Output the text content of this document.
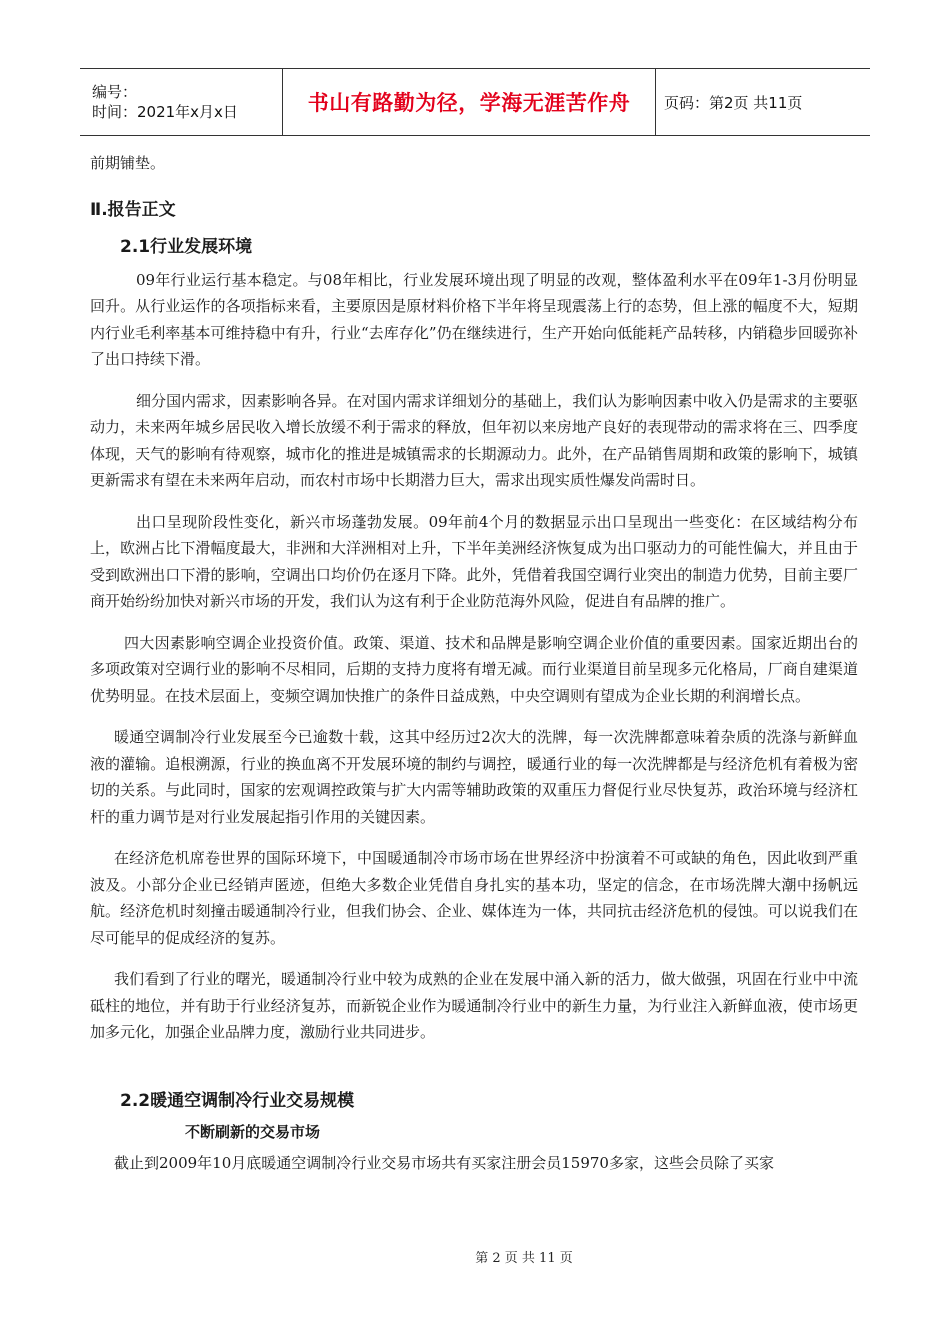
编号：
时间：2021年x月x日	书山有路勤为径，学海无涯苦作舟 页码：第2页 共11页

前期铺垫。

Ⅱ.报告正文

2.1行业发展环境

09年行业运行基本稳定。与08年相比，行业发展环境出现了明显的改观，整体盈利水平在09年1-3月份明显回升。从行业运作的各项指标来看，主要原因是原材料价格下半年将呈现震荡上行的态势，但上涨的幅度不大，短期内行业毛利率基本可维持稳中有升，行业“去库存化”仍在继续进行，生产开始向低能耗产品转移，内销稳步回暖弥补了出口持续下滑。

细分国内需求，因素影响各异。在对国内需求详细划分的基础上，我们认为影响因素中收入仍是需求的主要驱动力，未来两年城乡居民收入增长放缓不利于需求的释放，但年初以来房地产良好的表现带动的需求将在三、四季度体现，天气的影响有待观察，城市化的推进是城镇需求的长期源动力。此外，在产品销售周期和政策的影响下，城镇更新需求有望在未来两年启动，而农村市场中长期潜力巨大，需求出现实质性爆发尚需时日。

出口呈现阶段性变化，新兴市场蓬勃发展。09年前4个月的数据显示出口呈现出一些变化：在区域结构分布上，欧洲占比下滑幅度最大，非洲和大洋洲相对上升，下半年美洲经济恢复成为出口驱动力的可能性偏大，并且由于受到欧洲出口下滑的影响，空调出口均价仍在逐月下降。此外，凭借着我国空调行业突出的制造力优势，目前主要厂商开始纷纷加快对新兴市场的开发，我们认为这有利于企业防范海外风险，促进自有品牌的推广。

四大因素影响空调企业投资价值。政策、渠道、技术和品牌是影响空调企业价值的重要因素。国家近期出台的多项政策对空调行业的影响不尽相同，后期的支持力度将有增无减。而行业渠道目前呈现多元化格局，厂商自建渠道优势明显。在技术层面上，变频空调加快推广的条件日益成熟，中央空调则有望成为企业长期的利润增长点。

暖通空调制冷行业发展至今已逾数十载，这其中经历过2次大的洗牌，每一次洗牌都意味着杂质的洗涤与新鲜血液的灌输。追根溯源，行业的换血离不开发展环境的制约与调控，暖通行业的每一次洗牌都是与经济危机有着极为密切的关系。与此同时，国家的宏观调控政策与扩大内需等辅助政策的双重压力督促行业尽快复苏，政治环境与经济杠杆的重力调节是对行业发展起指引作用的关键因素。

在经济危机席卷世界的国际环境下，中国暖通制冷市场市场在世界经济中扮演着不可或缺的角色，因此收到严重波及。小部分企业已经销声匿迹，但绝大多数企业凭借自身扎实的基本功，坚定的信念，在市场洗牌大潮中扬帆远航。经济危机时刻撞击暖通制冷行业，但我们协会、企业、媒体连为一体，共同抗击经济危机的侵蚀。可以说我们在尽可能早的促成经济的复苏。

我们看到了行业的曙光，暖通制冷行业中较为成熟的企业在发展中涌入新的活力，做大做强，巩固在行业中中流砥柱的地位，并有助于行业经济复苏，而新锐企业作为暖通制冷行业中的新生力量，为行业注入新鲜血液，使市场更加多元化，加强企业品牌力度，激励行业共同进步。

2.2暖通空调制冷行业交易规模

不断刷新的交易市场

截止到2009年10月底暖通空调制冷行业交易市场共有买家注册会员15970多家，这些会员除了买家

第 2 页 共 11 页
